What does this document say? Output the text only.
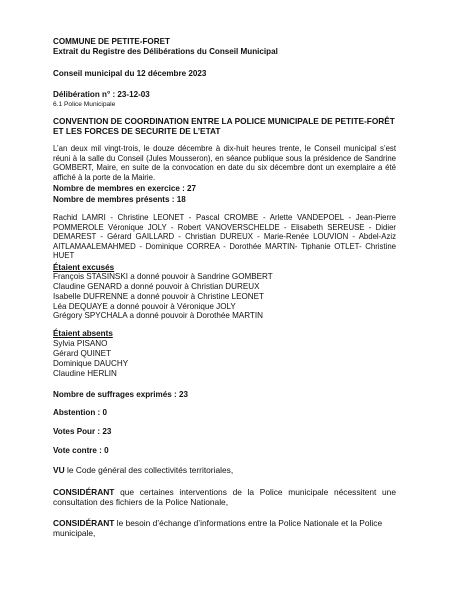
COMMUNE DE PETITE-FORET
Extrait du Registre des Délibérations du Conseil Municipal
Conseil municipal du 12 décembre 2023
Délibération n° : 23-12-03
6.1 Police Municipale
CONVENTION DE COORDINATION ENTRE LA POLICE MUNICIPALE DE PETITE-FORÊT ET LES FORCES DE SECURITE DE L’ETAT
L’an deux mil vingt-trois, le douze décembre à dix-huit heures trente, le Conseil municipal s’est réuni à la salle du Conseil (Jules Mousseron), en séance publique sous la présidence de Sandrine GOMBERT, Maire, en suite de la convocation en date du six décembre dont un exemplaire a été affiché à la porte de la Mairie.
Nombre de membres en exercice : 27
Nombre de membres présents : 18
Rachid LAMRI - Christine LEONET - Pascal CROMBE - Arlette VANDEPOEL - Jean-Pierre POMMEROLE Véronique JOLY - Robert VANOVERSCHELDE - Elisabeth SEREUSE - Didier DEMAREST - Gérard GAILLARD - Christian DUREUX - Marie-Renée LOUVION - Abdel-Aziz AITLAMAALEMAHMED - Dominique CORREA - Dorothée MARTIN- Tiphanie OTLET- Christine HUET
Étaient excusés
François STASINSKI a donné pouvoir à Sandrine GOMBERT
Claudine GENARD a donné pouvoir à Christian DUREUX
Isabelle DUFRENNE a donné pouvoir à Christine LEONET
Léa DEQUAYE a donné pouvoir à Véronique JOLY
Grégory SPYCHALA a donné pouvoir à Dorothée MARTIN
Étaient absents
Sylvia PISANO
Gérard QUINET
Dominique DAUCHY
Claudine HERLIN
Nombre de suffrages exprimés : 23
Abstention : 0
Votes Pour : 23
Vote contre : 0
VU le Code général des collectivités territoriales,
CONSIDÉRANT que certaines interventions de la Police municipale nécessitent une consultation des fichiers de la Police Nationale,
CONSIDÉRANT le besoin d’échange d’informations entre la Police Nationale et la Police municipale,
